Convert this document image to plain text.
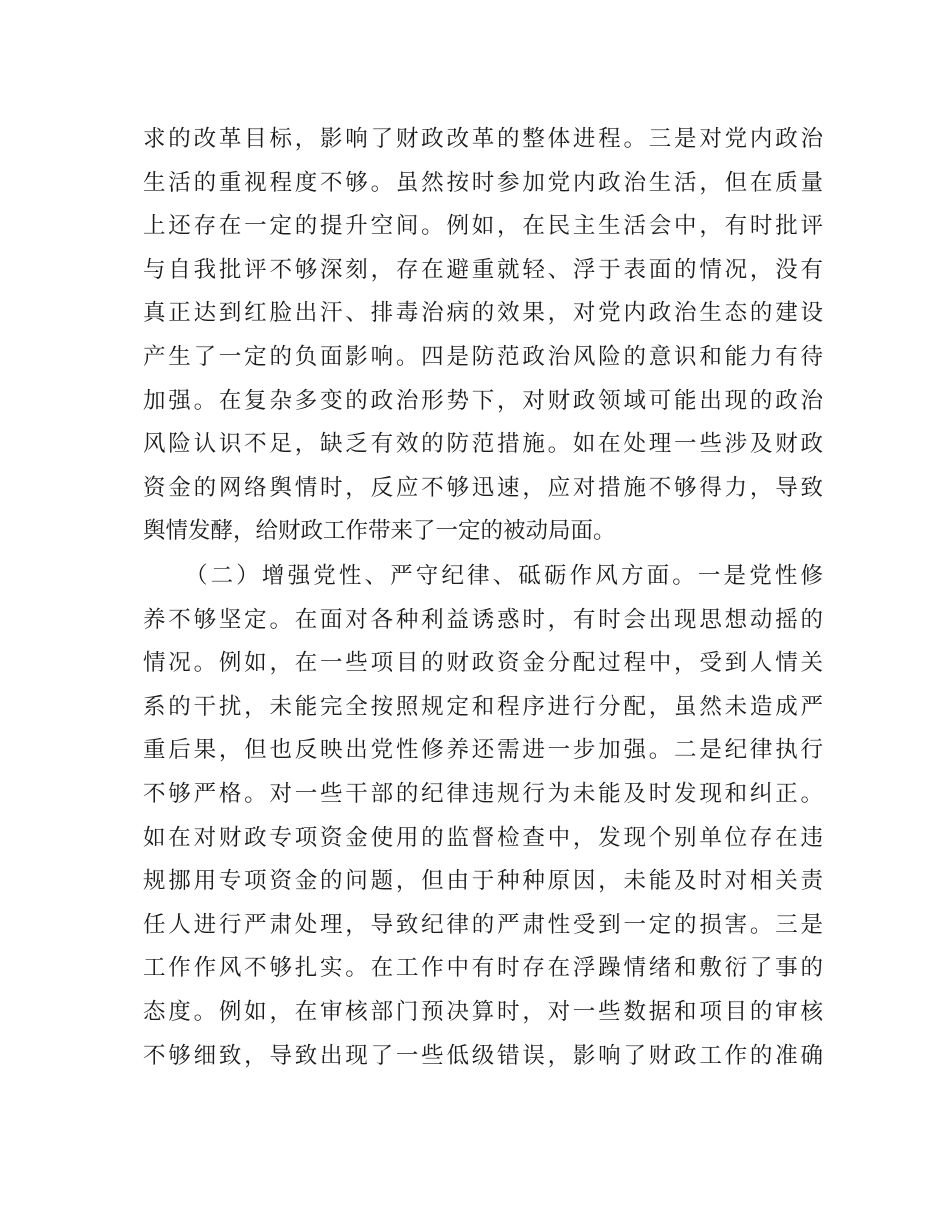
求的改革目标，影响了财政改革的整体进程。三是对党内政治
生活的重视程度不够。虽然按时参加党内政治生活，但在质量
上还存在一定的提升空间。例如，在民主生活会中，有时批评
与自我批评不够深刻，存在避重就轻、浮于表面的情况，没有
真正达到红脸出汗、排毒治病的效果，对党内政治生态的建设
产生了一定的负面影响。四是防范政治风险的意识和能力有待
加强。在复杂多变的政治形势下，对财政领域可能出现的政治
风险认识不足，缺乏有效的防范措施。如在处理一些涉及财政
资金的网络舆情时，反应不够迅速，应对措施不够得力，导致
舆情发酵，给财政工作带来了一定的被动局面。
（二）增强党性、严守纪律、砥砺作风方面。一是党性修
养不够坚定。在面对各种利益诱惑时，有时会出现思想动摇的
情况。例如，在一些项目的财政资金分配过程中，受到人情关
系的干扰，未能完全按照规定和程序进行分配，虽然未造成严
重后果，但也反映出党性修养还需进一步加强。二是纪律执行
不够严格。对一些干部的纪律违规行为未能及时发现和纠正。
如在对财政专项资金使用的监督检查中，发现个别单位存在违
规挪用专项资金的问题，但由于种种原因，未能及时对相关责
任人进行严肃处理，导致纪律的严肃性受到一定的损害。三是
工作作风不够扎实。在工作中有时存在浮躁情绪和敷衍了事的
态度。例如，在审核部门预决算时，对一些数据和项目的审核
不够细致，导致出现了一些低级错误，影响了财政工作的准确
